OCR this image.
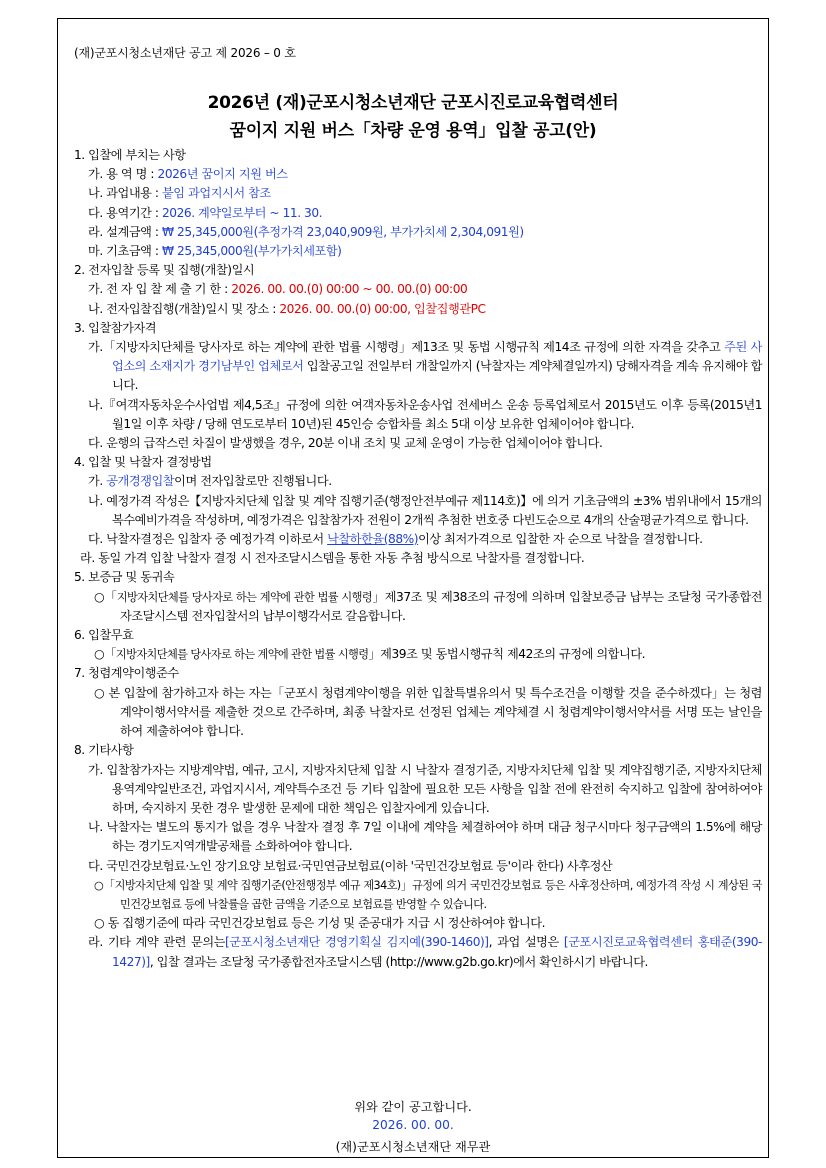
(재)군포시청소년재단 공고 제 2026 – 0 호
2026년 (재)군포시청소년재단 군포시진로교육협력센터
꿈이지 지원 버스「차량 운영 용역」입찰 공고(안)
1. 입찰에 부치는 사항
가. 용 역 명 : 2026년 꿈이지 지원 버스
나. 과업내용 : 붙임 과업지시서 참조
다. 용역기간 : 2026. 계약일로부터 ~ 11. 30.
라. 설계금액 : ₩ 25,345,000원(추정가격 23,040,909원, 부가가치세 2,304,091원)
마. 기초금액 : ₩ 25,345,000원(부가가치세포함)
2. 전자입찰 등록 및 집행(개찰)일시
가. 전 자 입 찰 제 출 기 한 : 2026. 00. 00.(0) 00:00 ~ 00. 00.(0) 00:00
나. 전자입찰집행(개찰)일시 및 장소 : 2026. 00. 00.(0) 00:00, 입찰집행관PC
3. 입찰참가자격
가.「지방자치단체를 당사자로 하는 계약에 관한 법률 시행령」제13조 및 동법 시행규칙 제14조 규정에 의한 자격을 갖추고 주된 사업소의 소재지가 경기남부인 업체로서 입찰공고일 전일부터 개찰일까지 (낙찰자는 계약체결일까지) 당해자격을 계속 유지해야 합니다.
나.『여객자동차운수사업법 제4,5조』규정에 의한 여객자동차운송사업 전세버스 운송 등록업체로서 2015년도 이후 등록(2015년1월1일 이후 차량 / 당해 연도로부터 10년)된 45인승 승합차를 최소 5대 이상 보유한 업체이어야 합니다.
다. 운행의 급작스런 차질이 발생했을 경우, 20분 이내 조치 및 교체 운영이 가능한 업체이어야 합니다.
4. 입찰 및 낙찰자 결정방법
가. 공개경쟁입찰이며 전자입찰로만 진행됩니다.
나. 예정가격 작성은【지방자치단체 입찰 및 계약 집행기준(행정안전부예규 제114호)】에 의거 기초금액의 ±3% 범위내에서 15개의 복수예비가격을 작성하며, 예정가격은 입찰참가자 전원이 2개씩 추첨한 번호중 다빈도순으로 4개의 산술평균가격으로 합니다.
다. 낙찰자결정은 입찰자 중 예정가격 이하로서 낙찰하한율(88%)이상 최저가격으로 입찰한 자 순으로 낙찰을 결정합니다.
라. 동일 가격 입찰 낙찰자 결정 시 전자조달시스템을 통한 자동 추첨 방식으로 낙찰자를 결정합니다.
5. 보증금 및 동귀속
○「지방자치단체를 당사자로 하는 계약에 관한 법률 시행령」제37조 및 제38조의 규정에 의하며 입찰보증금 납부는 조달청 국가종합전자조달시스템 전자입찰서의 납부이행각서로 갈음합니다.
6. 입찰무효
○「지방자치단체를 당사자로 하는 계약에 관한 법률 시행령」제39조 및 동법시행규칙 제42조의 규정에 의합니다.
7. 청렴계약이행준수
○ 본 입찰에 참가하고자 하는 자는「군포시 청렴계약이행을 위한 입찰특별유의서 및 특수조건을 이행할 것을 준수하겠다」는 청렴계약이행서약서를 제출한 것으로 간주하며, 최종 낙찰자로 선정된 업체는 계약체결 시 청렴계약이행서약서를 서명 또는 날인을 하여 제출하여야 합니다.
8. 기타사항
가. 입찰참가자는 지방계약법, 예규, 고시, 지방자치단체 입찰 시 낙찰자 결정기준, 지방자치단체 입찰 및 계약집행기준, 지방자치단체 용역계약일반조건, 과업지시서, 계약특수조건 등 기타 입찰에 필요한 모든 사항을 입찰 전에 완전히 숙지하고 입찰에 참여하여야 하며, 숙지하지 못한 경우 발생한 문제에 대한 책임은 입찰자에게 있습니다.
나. 낙찰자는 별도의 통지가 없을 경우 낙찰자 결정 후 7일 이내에 계약을 체결하여야 하며 대금 청구시마다 청구금액의 1.5%에 해당하는 경기도지역개발공채를 소화하여야 합니다.
다. 국민건강보험료·노인 장기요양 보험료·국민연금보험료(이하 '국민건강보험료 등'이라 한다) 사후정산
○「지방자치단체 입찰 및 계약 집행기준(안전행정부 예규 제34호)」규정에 의거 국민건강보험료 등은 사후정산하며, 예정가격 작성 시 계상된 국민건강보험료 등에 낙찰률을 곱한 금액을 기준으로 보험료를 반영할 수 있습니다.
○ 동 집행기준에 따라 국민건강보험료 등은 기성 및 준공대가 지급 시 정산하여야 합니다.
라. 기타 계약 관련 문의는[군포시청소년재단 경영기획실 김지예(390-1460)], 과업 설명은 [군포시진로교육협력센터 홍태준(390-1427)], 입찰 결과는 조달청 국가종합전자조달시스템 (http://www.g2b.go.kr)에서 확인하시기 바랍니다.
위와 같이 공고합니다.
2026. 00. 00.
(재)군포시청소년재단 재무관
